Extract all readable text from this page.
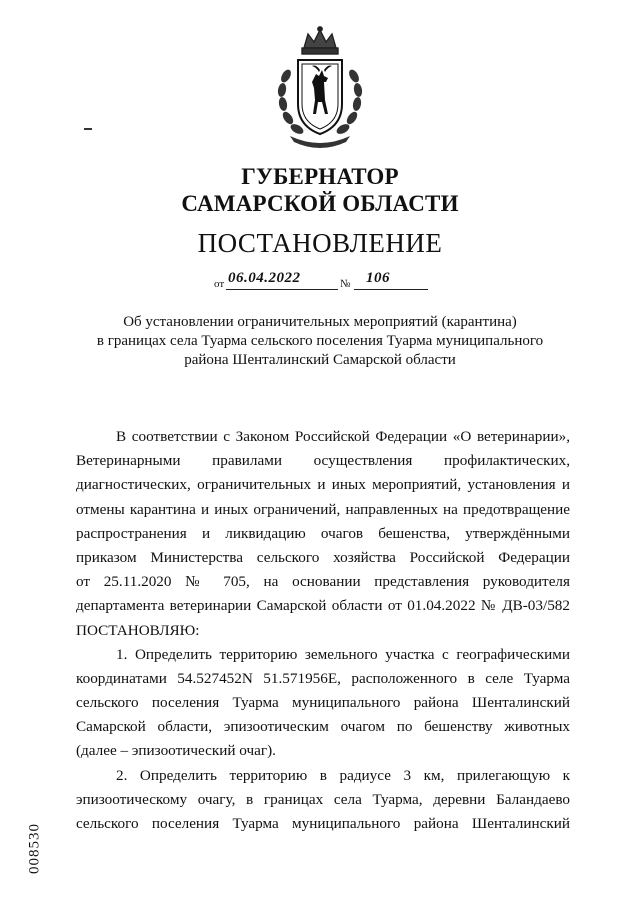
ГУБЕРНАТОР
САМАРСКОЙ ОБЛАСТИ
ПОСТАНОВЛЕНИЕ
от 06.04.2022	№ 106
Об установлении ограничительных мероприятий (карантина)
в границах села Туарма сельского поселения Туарма муниципального
района Шенталинский Самарской области
В соответствии с Законом Российской Федерации «О ветеринарии»,
Ветеринарными правилами осуществления профилактических,
диагностических, ограничительных и иных мероприятий, установления и
отмены карантина и иных ограничений, направленных на предотвращение
распространения и ликвидацию очагов бешенства, утверждёнными
приказом Министерства сельского хозяйства Российской Федерации
от 25.11.2020 № 705, на основании представления руководителя
департамента ветеринарии Самарской области от 01.04.2022 № ДВ-03/582
ПОСТАНОВЛЯЮ:
1. Определить территорию земельного участка с географическими
координатами 54.527452N 51.571956E, расположенного в селе Туарма
сельского поселения Туарма муниципального района Шенталинский
Самарской области, эпизоотическим очагом по бешенству животных
(далее – эпизоотический очаг).
2. Определить территорию в радиусе 3 км, прилегающую к
эпизоотическому очагу, в границах села Туарма, деревни Баландаево
сельского поселения Туарма муниципального района Шенталинский
008530
